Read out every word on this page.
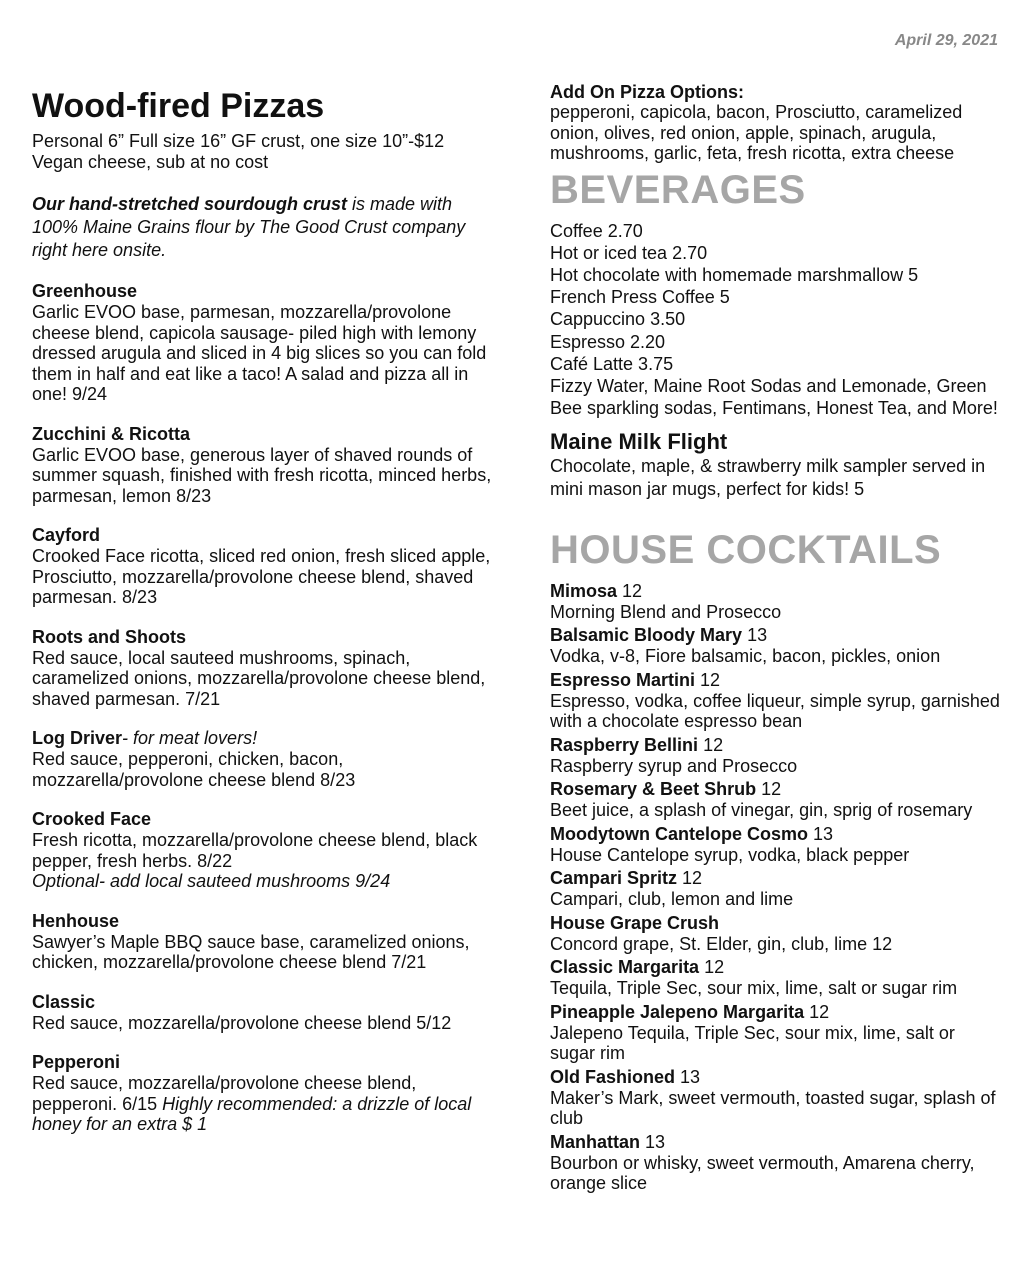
April 29, 2021
Wood-fired Pizzas
Personal 6” Full size 16” GF crust, one size 10”-$12
Vegan cheese, sub at no cost
Our hand-stretched sourdough crust is made with 100% Maine Grains flour by The Good Crust company right here onsite.
Greenhouse
Garlic EVOO base, parmesan, mozzarella/provolone cheese blend, capicola sausage- piled high with lemony dressed arugula and sliced in 4 big slices so you can fold them in half and eat like a taco! A salad and pizza all in one! 9/24
Zucchini & Ricotta
Garlic EVOO base, generous layer of shaved rounds of summer squash, finished with fresh ricotta, minced herbs, parmesan, lemon 8/23
Cayford
Crooked Face ricotta, sliced red onion, fresh sliced apple, Prosciutto, mozzarella/provolone cheese blend, shaved parmesan. 8/23
Roots and Shoots
Red sauce, local sauteed mushrooms, spinach, caramelized onions, mozzarella/provolone cheese blend, shaved parmesan. 7/21
Log Driver- for meat lovers!
Red sauce, pepperoni, chicken, bacon, mozzarella/provolone cheese blend 8/23
Crooked Face
Fresh ricotta, mozzarella/provolone cheese blend, black pepper, fresh herbs. 8/22
Optional- add local sauteed mushrooms 9/24
Henhouse
Sawyer’s Maple BBQ sauce base, caramelized onions, chicken, mozzarella/provolone cheese blend 7/21
Classic
Red sauce, mozzarella/provolone cheese blend 5/12
Pepperoni
Red sauce, mozzarella/provolone cheese blend, pepperoni. 6/15 Highly recommended: a drizzle of local honey for an extra $ 1
Add On Pizza Options:
pepperoni, capicola, bacon, Prosciutto, caramelized onion, olives, red onion, apple, spinach, arugula, mushrooms, garlic, feta, fresh ricotta, extra cheese
BEVERAGES
Coffee 2.70
Hot or iced tea 2.70
Hot chocolate with homemade marshmallow 5
French Press Coffee 5
Cappuccino 3.50
Espresso 2.20
Café Latte 3.75
Fizzy Water, Maine Root Sodas and Lemonade, Green Bee sparkling sodas, Fentimans, Honest Tea, and More!
Maine Milk Flight
Chocolate, maple, & strawberry milk sampler served in mini mason jar mugs, perfect for kids! 5
HOUSE COCKTAILS
Mimosa 12
Morning Blend and Prosecco
Balsamic Bloody Mary 13
Vodka, v-8, Fiore balsamic, bacon, pickles, onion
Espresso Martini 12
Espresso, vodka, coffee liqueur, simple syrup, garnished with a chocolate espresso bean
Raspberry Bellini 12
Raspberry syrup and Prosecco
Rosemary & Beet Shrub 12
Beet juice, a splash of vinegar, gin, sprig of rosemary
Moodytown Cantelope Cosmo 13
House Cantelope syrup, vodka, black pepper
Campari Spritz 12
Campari, club, lemon and lime
House Grape Crush
Concord grape, St. Elder, gin, club, lime 12
Classic Margarita 12
Tequila, Triple Sec, sour mix, lime, salt or sugar rim
Pineapple Jalepeno Margarita 12
Jalepeno Tequila, Triple Sec, sour mix, lime, salt or sugar rim
Old Fashioned 13
Maker’s Mark, sweet vermouth, toasted sugar, splash of club
Manhattan 13
Bourbon or whisky, sweet vermouth, Amarena cherry, orange slice
